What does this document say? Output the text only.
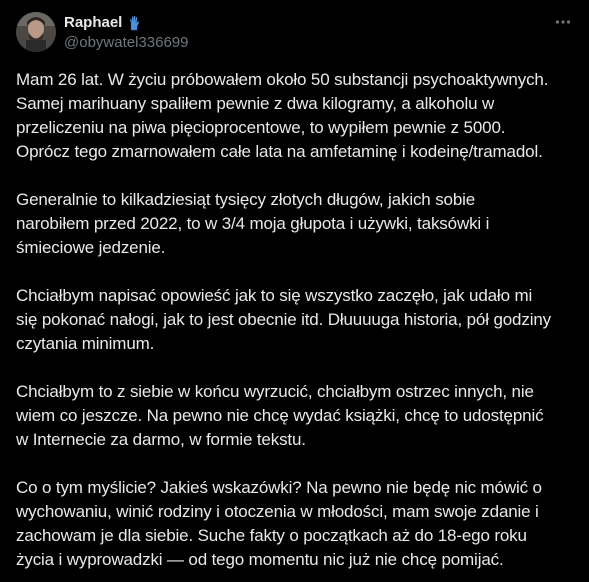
Raphael
@obywatel336699

Mam 26 lat. W życiu próbowałem około 50 substancji psychoaktywnych.
Samej marihuany spaliłem pewnie z dwa kilogramy, a alkoholu w
przeliczeniu na piwa pięcioprocentowe, to wypiłem pewnie z 5000.
Oprócz tego zmarnowałem całe lata na amfetaminę i kodeinę/tramadol.

Generalnie to kilkadziesiąt tysięcy złotych długów, jakich sobie
narobiłem przed 2022, to w 3/4 moja głupota i używki, taksówki i
śmieciowe jedzenie.

Chciałbym napisać opowieść jak to się wszystko zaczęło, jak udało mi
się pokonać nałogi, jak to jest obecnie itd. Dłuuuuga historia, pół godziny
czytania minimum.

Chciałbym to z siebie w końcu wyrzucić, chciałbym ostrzec innych, nie
wiem co jeszcze. Na pewno nie chcę wydać książki, chcę to udostępnić
w Internecie za darmo, w formie tekstu.

Co o tym myślicie? Jakieś wskazówki? Na pewno nie będę nic mówić o
wychowaniu, winić rodziny i otoczenia w młodości, mam swoje zdanie i
zachowam je dla siebie. Suche fakty o początkach aż do 18-ego roku
życia i wyprowadzki — od tego momentu nic już nie chcę pomijać.
